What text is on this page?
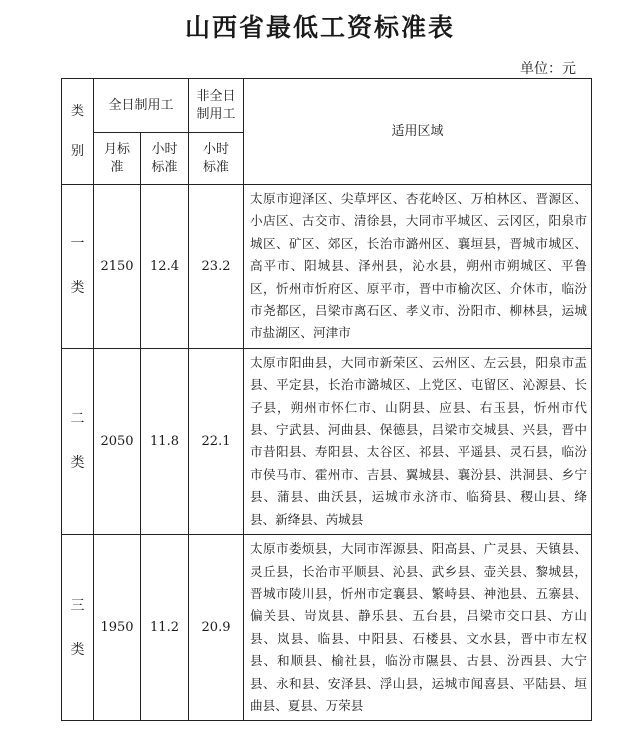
山西省最低工资标准表
单位：元
类别	全日制用工		非全日制用工	适用区域

	月标准	小时标准	小时标准	

一类	2150	12.4	23.2	太原市迎泽区、尖草坪区、杏花岭区、万柏林区、晋源区、小店区、古交市、清徐县，大同市平城区、云冈区，阳泉市城区、矿区、郊区，长治市潞州区、襄垣县，晋城市城区、高平市、阳城县、泽州县，沁水县，朔州市朔城区、平鲁区，忻州市忻府区、原平市，晋中市榆次区、介休市，临汾市尧都区，吕梁市离石区、孝义市、汾阳市、柳林县，运城市盐湖区、河津市

二类	2050	11.8	22.1	太原市阳曲县，大同市新荣区、云州区、左云县，阳泉市盂县、平定县，长治市潞城区、上党区、屯留区、沁源县、长子县，朔州市怀仁市、山阴县、应县、右玉县，忻州市代县、宁武县、河曲县、保德县，吕梁市交城县、兴县，晋中市昔阳县、寿阳县、太谷区、祁县、平遥县、灵石县，临汾市侯马市、霍州市、吉县、翼城县、襄汾县、洪洞县、乡宁县、蒲县、曲沃县，运城市永济市、临猗县、稷山县、绛县、新绛县、芮城县

三类	1950	11.2	20.9	太原市娄烦县，大同市浑源县、阳高县、广灵县、天镇县、灵丘县，长治市平顺县、沁县、武乡县、壶关县、黎城县，晋城市陵川县，忻州市定襄县、繁峙县、神池县、五寨县、偏关县、岢岚县、静乐县、五台县，吕梁市交口县、方山县、岚县、临县、中阳县、石楼县、文水县，晋中市左权县、和顺县、榆社县，临汾市隰县、古县、汾西县、大宁县、永和县、安泽县、浮山县，运城市闻喜县、平陆县、垣曲县、夏县、万荣县
